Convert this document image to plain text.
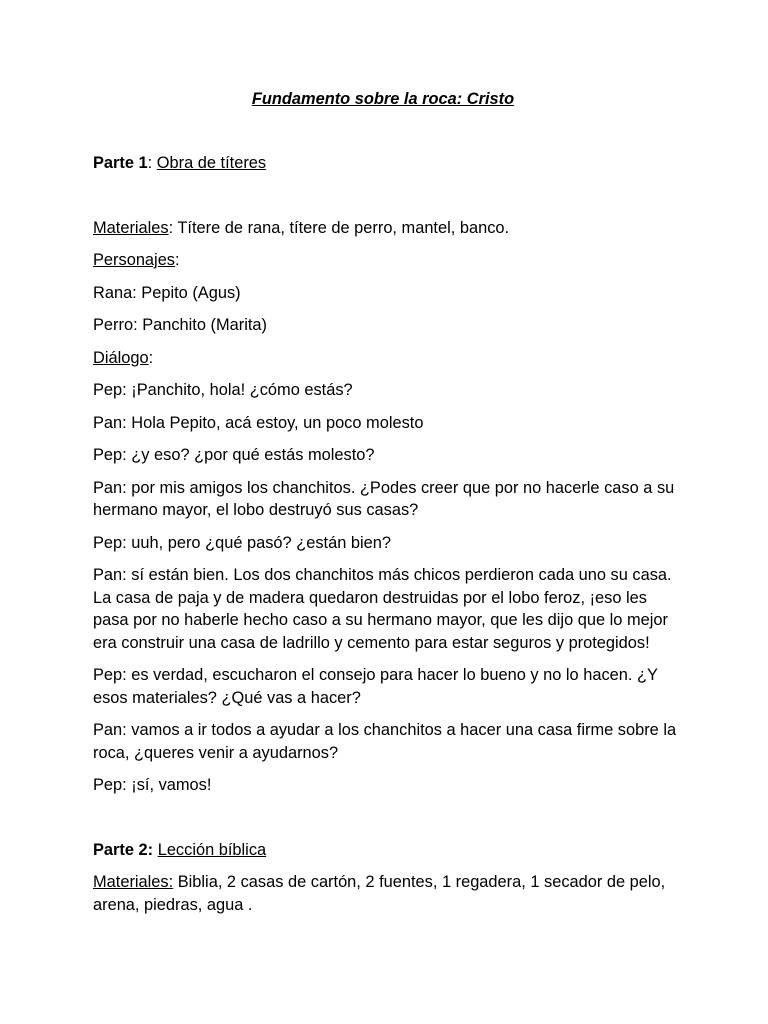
Fundamento sobre la roca: Cristo

Parte 1: Obra de títeres

Materiales: Títere de rana, títere de perro, mantel, banco.

Personajes:

Rana: Pepito (Agus)

Perro: Panchito (Marita)

Diálogo:

Pep: ¡Panchito, hola! ¿cómo estás?

Pan: Hola Pepito, acá estoy, un poco molesto

Pep: ¿y eso? ¿por qué estás molesto?

Pan: por mis amigos los chanchitos. ¿Podes creer que por no hacerle caso a su hermano mayor, el lobo destruyó sus casas?

Pep: uuh, pero ¿qué pasó? ¿están bien?

Pan: sí están bien. Los dos chanchitos más chicos perdieron cada uno su casa. La casa de paja y de madera quedaron destruidas por el lobo feroz, ¡eso les pasa por no haberle hecho caso a su hermano mayor, que les dijo que lo mejor era construir una casa de ladrillo y cemento para estar seguros y protegidos!

Pep: es verdad, escucharon el consejo para hacer lo bueno y no lo hacen. ¿Y esos materiales? ¿Qué vas a hacer?

Pan: vamos a ir todos a ayudar a los chanchitos a hacer una casa firme sobre la roca, ¿queres venir a ayudarnos?

Pep: ¡sí, vamos!

Parte 2: Lección bíblica

Materiales: Biblia, 2 casas de cartón, 2 fuentes, 1 regadera, 1 secador de pelo, arena, piedras, agua .
